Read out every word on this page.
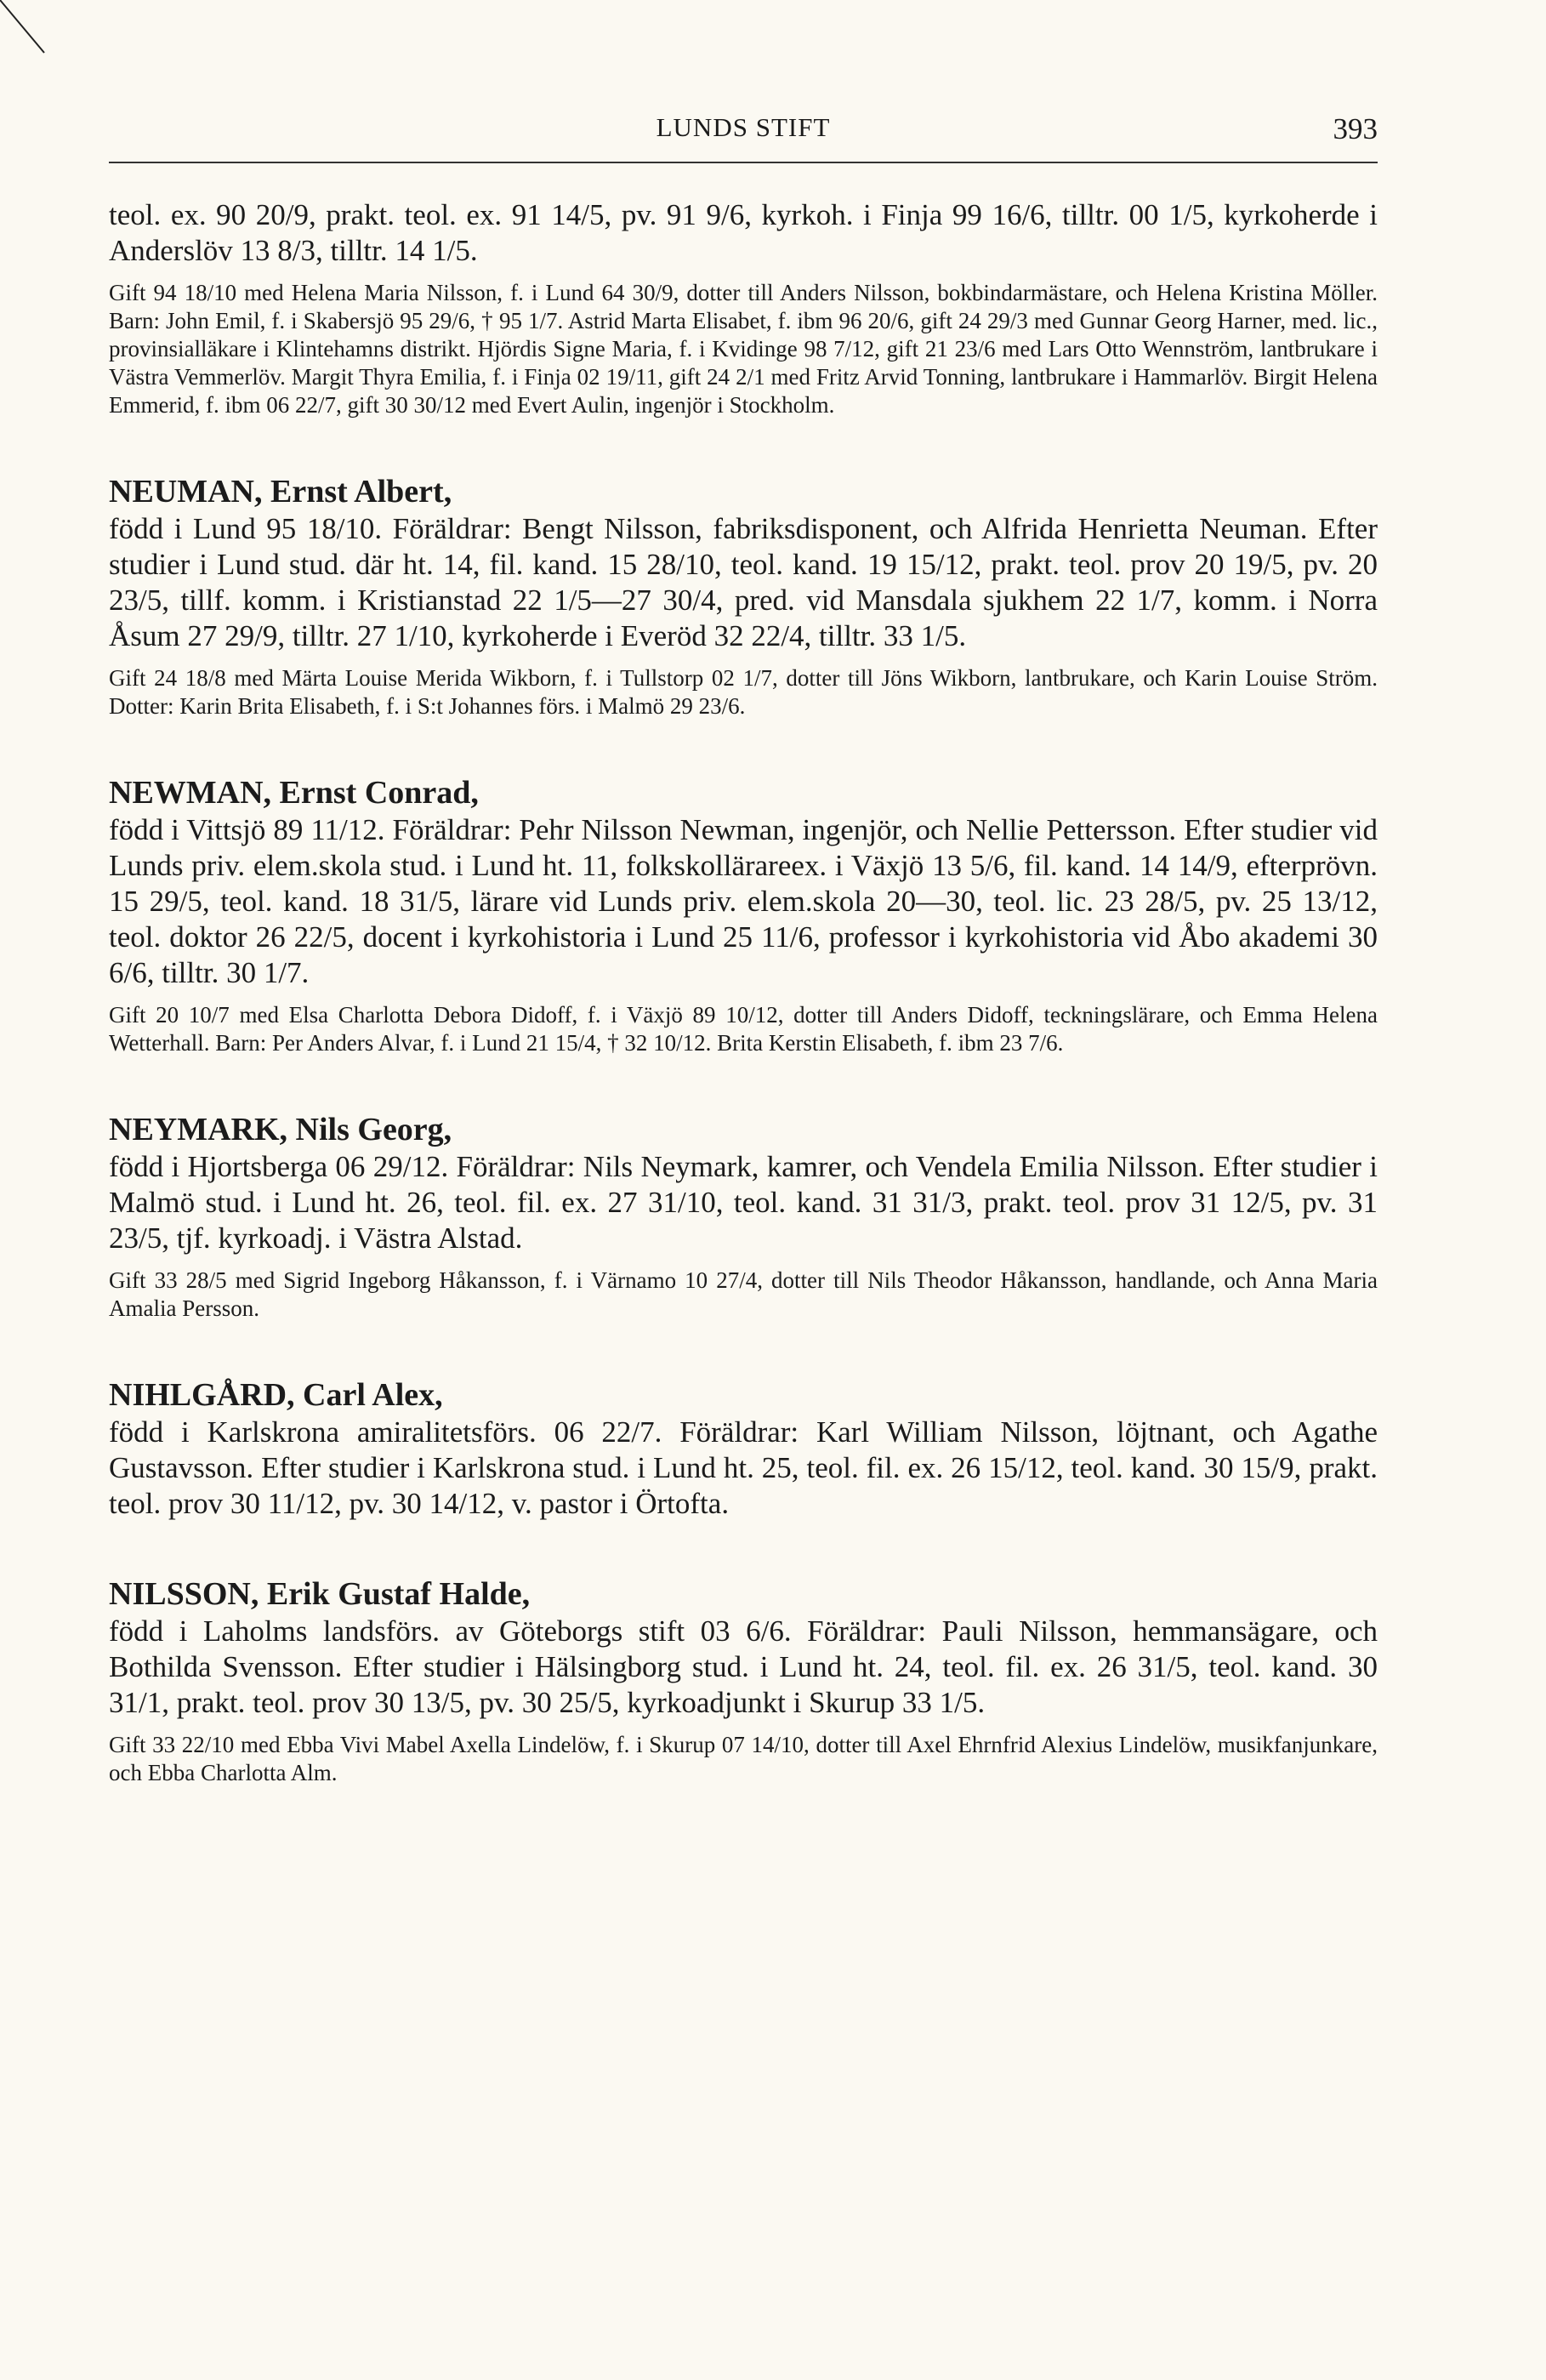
LUNDS STIFT	393

teol. ex. 90 20/9, prakt. teol. ex. 91 14/5, pv. 91 9/6, kyrkoh. i Finja 99 16/6, tilltr. 00 1/5, kyrkoherde i Anderslöv 13 8/3, tilltr. 14 1/5.

Gift 94 18/10 med Helena Maria Nilsson, f. i Lund 64 30/9, dotter till Anders Nilsson, bokbindarmästare, och Helena Kristina Möller. Barn: John Emil, f. i Skabersjö 95 29/6, † 95 1/7. Astrid Marta Elisabet, f. ibm 96 20/6, gift 24 29/3 med Gunnar Georg Harner, med. lic., provinsialläkare i Klintehamns distrikt. Hjördis Signe Maria, f. i Kvidinge 98 7/12, gift 21 23/6 med Lars Otto Wennström, lantbrukare i Västra Vemmerlöv. Margit Thyra Emilia, f. i Finja 02 19/11, gift 24 2/1 med Fritz Arvid Tonning, lantbrukare i Hammarlöv. Birgit Helena Emmerid, f. ibm 06 22/7, gift 30 30/12 med Evert Aulin, ingenjör i Stockholm.

NEUMAN, Ernst Albert,

född i Lund 95 18/10. Föräldrar: Bengt Nilsson, fabriksdisponent, och Alfrida Henrietta Neuman. Efter studier i Lund stud. där ht. 14, fil. kand. 15 28/10, teol. kand. 19 15/12, prakt. teol. prov 20 19/5, pv. 20 23/5, tillf. komm. i Kristianstad 22 1/5—27 30/4, pred. vid Mansdala sjukhem 22 1/7, komm. i Norra Åsum 27 29/9, tilltr. 27 1/10, kyrkoherde i Everöd 32 22/4, tilltr. 33 1/5.

Gift 24 18/8 med Märta Louise Merida Wikborn, f. i Tullstorp 02 1/7, dotter till Jöns Wikborn, lantbrukare, och Karin Louise Ström. Dotter: Karin Brita Elisabeth, f. i S:t Johannes förs. i Malmö 29 23/6.

NEWMAN, Ernst Conrad,

född i Vittsjö 89 11/12. Föräldrar: Pehr Nilsson Newman, ingenjör, och Nellie Pettersson. Efter studier vid Lunds priv. elem.skola stud. i Lund ht. 11, folkskollärareex. i Växjö 13 5/6, fil. kand. 14 14/9, efterprövn. 15 29/5, teol. kand. 18 31/5, lärare vid Lunds priv. elem.skola 20—30, teol. lic. 23 28/5, pv. 25 13/12, teol. doktor 26 22/5, docent i kyrkohistoria i Lund 25 11/6, professor i kyrkohistoria vid Åbo akademi 30 6/6, tilltr. 30 1/7.

Gift 20 10/7 med Elsa Charlotta Debora Didoff, f. i Växjö 89 10/12, dotter till Anders Didoff, teckningslärare, och Emma Helena Wetterhall. Barn: Per Anders Alvar, f. i Lund 21 15/4, † 32 10/12. Brita Kerstin Elisabeth, f. ibm 23 7/6.

NEYMARK, Nils Georg,

född i Hjortsberga 06 29/12. Föräldrar: Nils Neymark, kamrer, och Vendela Emilia Nilsson. Efter studier i Malmö stud. i Lund ht. 26, teol. fil. ex. 27 31/10, teol. kand. 31 31/3, prakt. teol. prov 31 12/5, pv. 31 23/5, tjf. kyrkoadj. i Västra Alstad.

Gift 33 28/5 med Sigrid Ingeborg Håkansson, f. i Värnamo 10 27/4, dotter till Nils Theodor Håkansson, handlande, och Anna Maria Amalia Persson.

NIHLGÅRD, Carl Alex,

född i Karlskrona amiralitetsförs. 06 22/7. Föräldrar: Karl William Nilsson, löjtnant, och Agathe Gustavsson. Efter studier i Karlskrona stud. i Lund ht. 25, teol. fil. ex. 26 15/12, teol. kand. 30 15/9, prakt. teol. prov 30 11/12, pv. 30 14/12, v. pastor i Örtofta.

NILSSON, Erik Gustaf Halde,

född i Laholms landsförs. av Göteborgs stift 03 6/6. Föräldrar: Pauli Nilsson, hemmansägare, och Bothilda Svensson. Efter studier i Hälsingborg stud. i Lund ht. 24, teol. fil. ex. 26 31/5, teol. kand. 30 31/1, prakt. teol. prov 30 13/5, pv. 30 25/5, kyrkoadjunkt i Skurup 33 1/5.

Gift 33 22/10 med Ebba Vivi Mabel Axella Lindelöw, f. i Skurup 07 14/10, dotter till Axel Ehrnfrid Alexius Lindelöw, musikfanjunkare, och Ebba Charlotta Alm.
